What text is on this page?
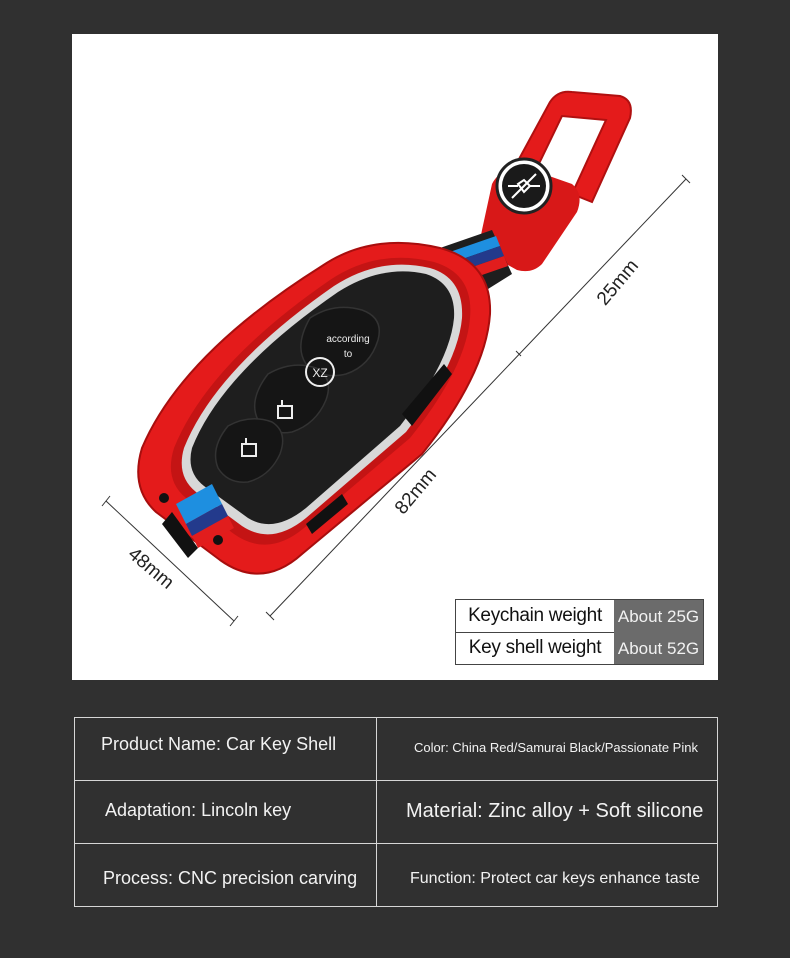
XZ
according
to
48mm
82mm
25mm
Keychain weight About 25G
Key shell weight About 52G
Product Name: Car Key Shell	Color: China Red/Samurai Black/Passionate Pink
Adaptation: Lincoln key	Material: Zinc alloy + Soft silicone
Process: CNC precision carving	Function: Protect car keys enhance taste
